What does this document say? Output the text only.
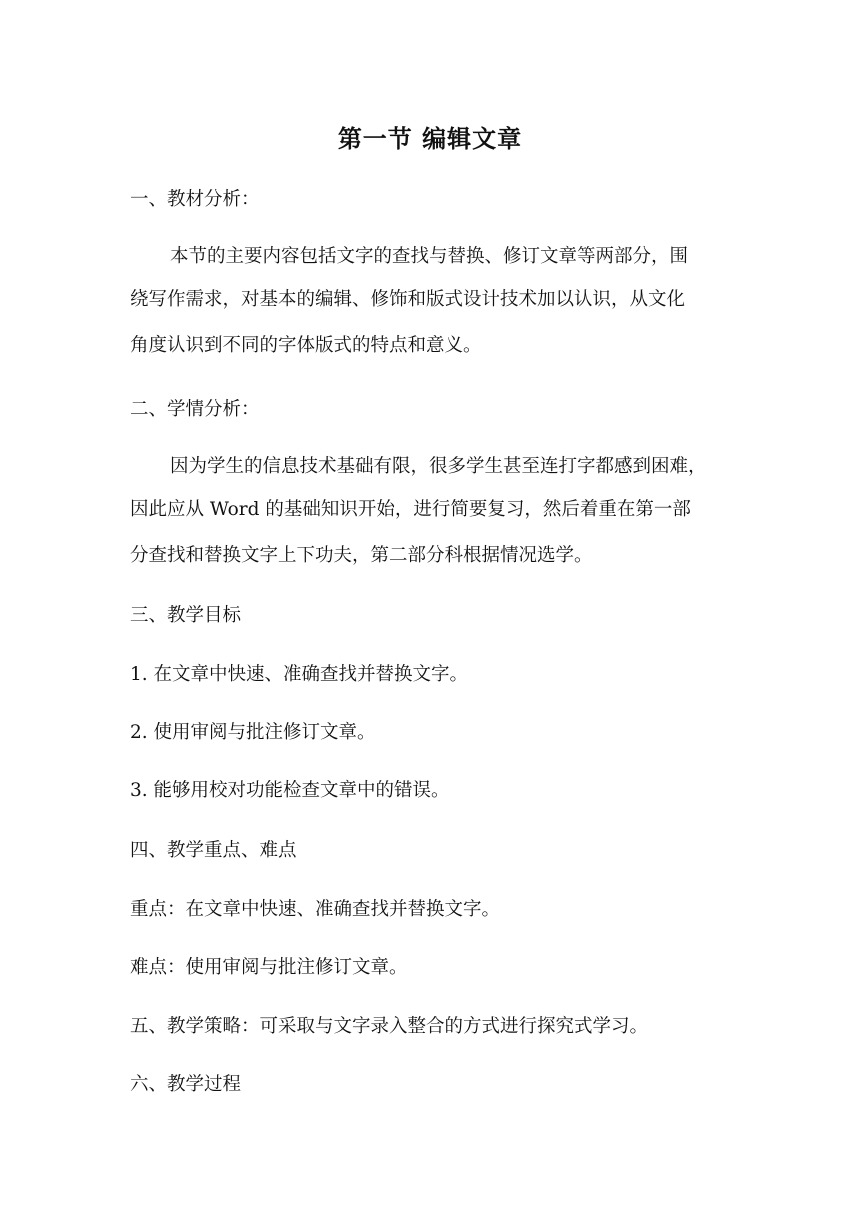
第一节 编辑文章
一、教材分析：
本节的主要内容包括文字的查找与替换、修订文章等两部分，围
绕写作需求，对基本的编辑、修饰和版式设计技术加以认识，从文化
角度认识到不同的字体版式的特点和意义。
二、学情分析：
因为学生的信息技术基础有限，很多学生甚至连打字都感到困难，
因此应从 Word 的基础知识开始，进行简要复习，然后着重在第一部
分查找和替换文字上下功夫，第二部分科根据情况选学。
三、教学目标
1. 在文章中快速、准确查找并替换文字。
2. 使用审阅与批注修订文章。
3. 能够用校对功能检查文章中的错误。
四、教学重点、难点
重点：在文章中快速、准确查找并替换文字。
难点：使用审阅与批注修订文章。
五、教学策略：可采取与文字录入整合的方式进行探究式学习。
六、教学过程
